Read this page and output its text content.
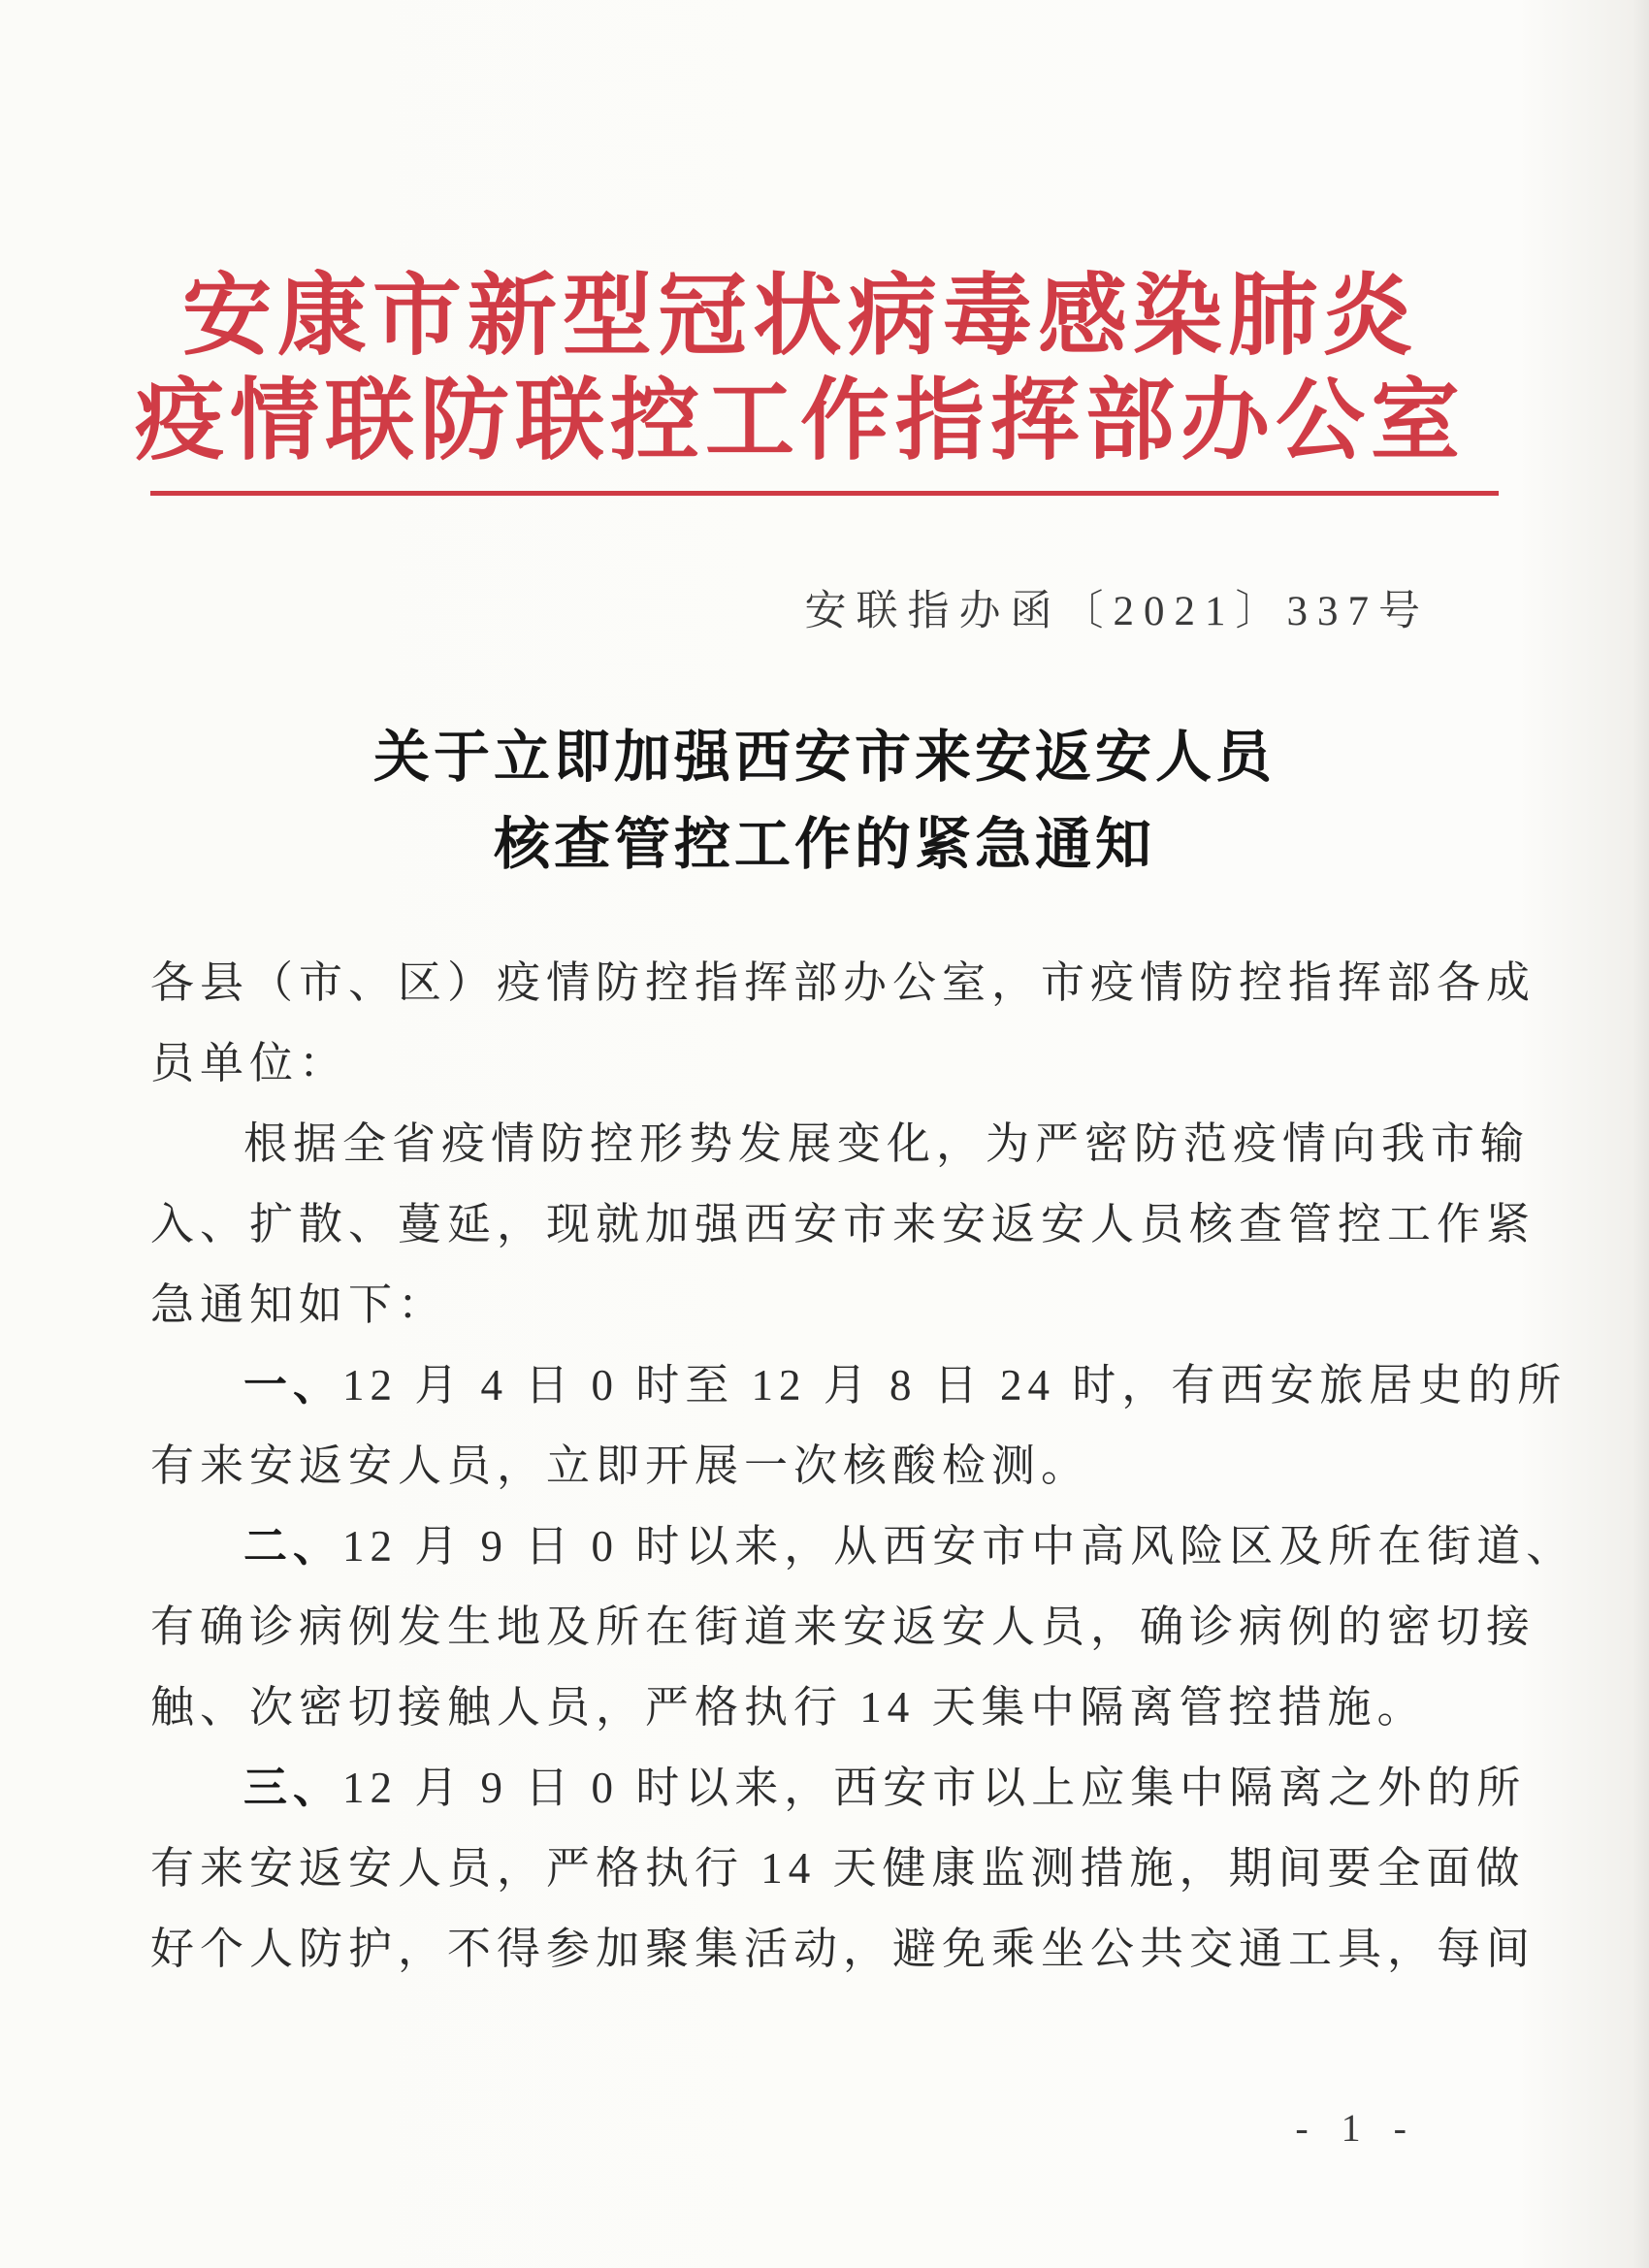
安康市新型冠状病毒感染肺炎
疫情联防联控工作指挥部办公室
安联指办函〔2021〕337号
关于立即加强西安市来安返安人员
核查管控工作的紧急通知
各县（市、区）疫情防控指挥部办公室，市疫情防控指挥部各成
员单位：
根据全省疫情防控形势发展变化，为严密防范疫情向我市输
入、扩散、蔓延，现就加强西安市来安返安人员核查管控工作紧
急通知如下：
一、12 月 4 日 0 时至 12 月 8 日 24 时，有西安旅居史的所
有来安返安人员，立即开展一次核酸检测。
二、12 月 9 日 0 时以来，从西安市中高风险区及所在街道、
有确诊病例发生地及所在街道来安返安人员，确诊病例的密切接
触、次密切接触人员，严格执行 14 天集中隔离管控措施。
三、12 月 9 日 0 时以来，西安市以上应集中隔离之外的所
有来安返安人员，严格执行 14 天健康监测措施，期间要全面做
好个人防护，不得参加聚集活动，避免乘坐公共交通工具，每间
- 1 -
